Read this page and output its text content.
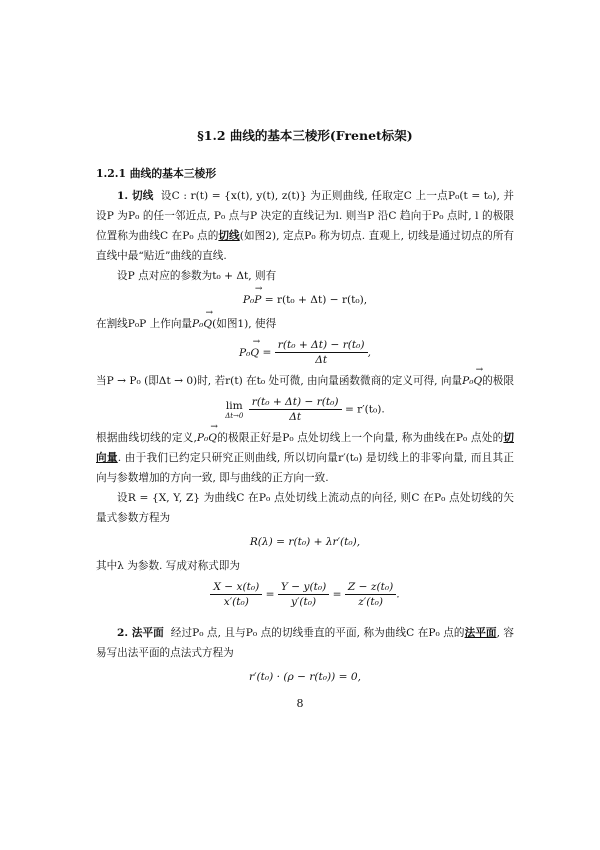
§1.2 曲线的基本三棱形(Frenet标架)
1.2.1 曲线的基本三棱形

1. 切线 设C : r(t) = {x(t), y(t), z(t)} 为正则曲线, 任取定C 上一点P₀(t = t₀), 并设P 为P₀ 的任一邻近点, P₀ 点与P 决定的直线记为l. 则当P 沿C 趋向于P₀ 点时, l 的极限位置称为曲线C 在P₀ 点的切线(如图2), 定点P₀ 称为切点. 直观上, 切线是通过切点的所有直线中最“贴近”曲线的直线.

设P 点对应的参数为t₀ + Δt, 则有

→ P₀P = r(t₀ + Δt) − r(t₀),

在割线P₀P 上作向量→ P₀Q(如图1), 使得

→ $P_0Q = \frac{\text{r(t₀ + Δt) − r(t₀)}}{\Delta t}$ ,

当P → P₀ (即Δt → 0)时, 若r(t) 在t₀ 处可微, 由向量函数微商的定义可得, 向量→ P₀Q的极限

lim
Δt→0
$\frac{\text{r(t₀ + Δt) − r(t₀)}}{\Delta t} = r'(t_0)$.

根据曲线切线的定义,→ P₀Q的极限正好是P₀ 点处切线上一个向量, 称为曲线在P₀ 点处的切向量. 由于我们已约定只研究正则曲线, 所以切向量r′(t₀) 是切线上的非零向量, 而且其正向与参数增加的方向一致, 即与曲线的正方向一致.

设R = {X, Y, Z} 为曲线C 在P₀ 点处切线上流动点的向径, 则C 在P₀ 点处切线的矢量式参数方程为

R(λ) = r(t₀) + λr′(t₀),

其中λ 为参数. 写成对称式即为

$\frac{\text{X − x(t₀)}}{\text{x′(t₀)}} = \frac{\text{Y − y(t₀)}}{\text{y′(t₀)}} = \frac{\text{Z − z(t₀)}}{\text{z′(t₀)}}$ .

2. 法平面 经过P₀ 点, 且与P₀ 点的切线垂直的平面, 称为曲线C 在P₀ 点的法平面, 容易写出法平面的点法式方程为

r′(t₀) · (ρ − r(t₀)) = 0,
8
